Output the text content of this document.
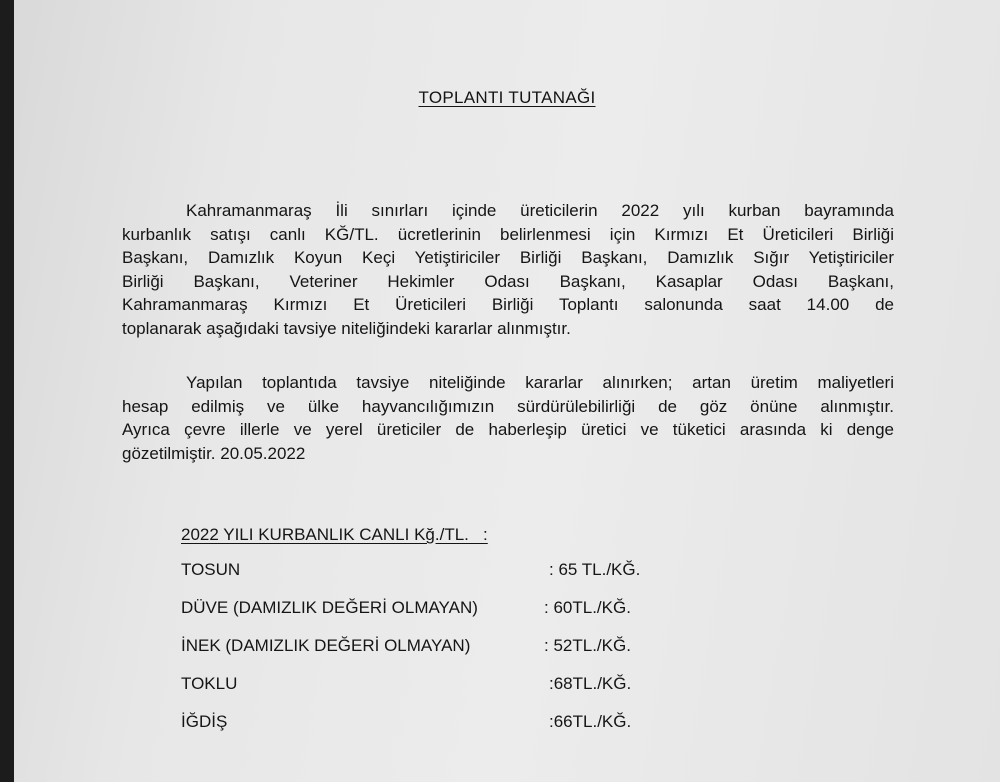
TOPLANTI TUTANAĞI

Kahramanmaraş İli sınırları içinde üreticilerin 2022 yılı kurban bayramında
kurbanlık satışı canlı KĞ/TL. ücretlerinin belirlenmesi için Kırmızı Et Üreticileri Birliği
Başkanı, Damızlık Koyun Keçi Yetiştiriciler Birliği Başkanı, Damızlık Sığır Yetiştiriciler
Birliği Başkanı, Veteriner Hekimler Odası Başkanı, Kasaplar Odası Başkanı,
Kahramanmaraş Kırmızı Et Üreticileri Birliği Toplantı salonunda saat 14.00 de
toplanarak aşağıdaki tavsiye niteliğindeki kararlar alınmıştır.

Yapılan toplantıda tavsiye niteliğinde kararlar alınırken; artan üretim maliyetleri
hesap edilmiş ve ülke hayvancılığımızın sürdürülebilirliği de göz önüne alınmıştır.
Ayrıca çevre illerle ve yerel üreticiler de haberleşip üretici ve tüketici arasında ki denge
gözetilmiştir. 20.05.2022

2022 YILI KURBANLIK CANLI Kğ./TL.   :
TOSUN	: 65 TL./KĞ.
DÜVE (DAMIZLIK DEĞERİ OLMAYAN)	: 60TL./KĞ.
İNEK (DAMIZLIK DEĞERİ OLMAYAN)	: 52TL./KĞ.
TOKLU	:68TL./KĞ.
İĞDİŞ	:66TL./KĞ.
